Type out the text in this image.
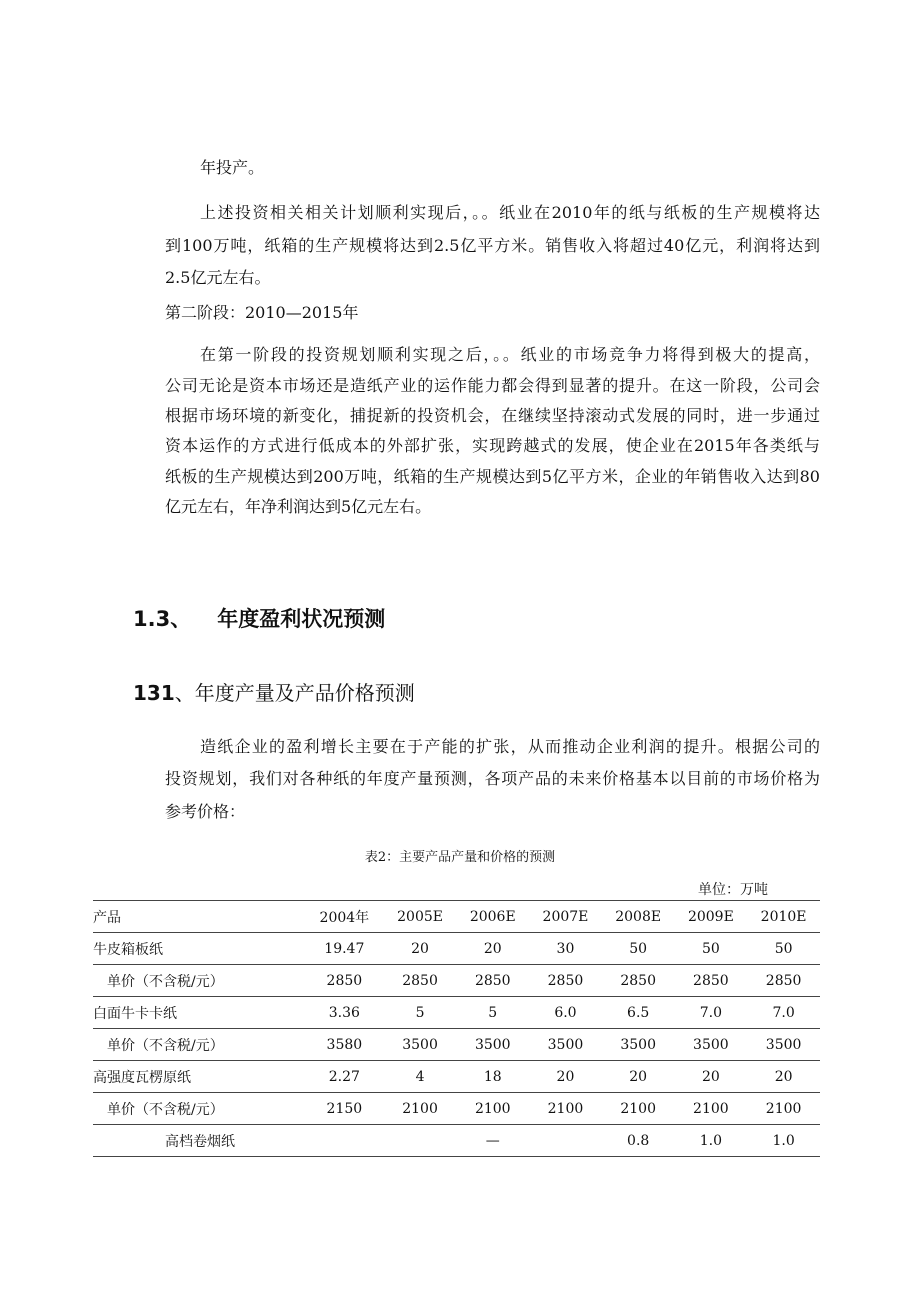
年投产。
上述投资相关相关计划顺利实现后，。。纸业在2010年的纸与纸板的生产规模将达
到100万吨，纸箱的生产规模将达到2.5亿平方米。销售收入将超过40亿元，利润将达到
2.5亿元左右。
第二阶段：2010—2015年
在第一阶段的投资规划顺利实现之后，。。纸业的市场竞争力将得到极大的提高，
公司无论是资本市场还是造纸产业的运作能力都会得到显著的提升。在这一阶段，公司会
根据市场环境的新变化，捕捉新的投资机会，在继续坚持滚动式发展的同时，进一步通过
资本运作的方式进行低成本的外部扩张，实现跨越式的发展，使企业在2015年各类纸与
纸板的生产规模达到200万吨，纸箱的生产规模达到5亿平方米，企业的年销售收入达到80
亿元左右，年净利润达到5亿元左右。
1.3、 年度盈利状况预测
131、年度产量及产品价格预测
造纸企业的盈利增长主要在于产能的扩张，从而推动企业利润的提升。根据公司的
投资规划，我们对各种纸的年度产量预测，各项产品的未来价格基本以目前的市场价格为
参考价格：
表2：主要产品产量和价格的预测
单位：万吨
产品	2004年	2005E	2006E	2007E	2008E	2009E	2010E
牛皮箱板纸	19.47	20	20	30	50	50	50
单价（不含税/元）	2850	2850	2850	2850	2850	2850	2850
白面牛卡卡纸	3.36	5	5	6.0	6.5	7.0	7.0
单价（不含税/元）	3580	3500	3500	3500	3500	3500	3500
高强度瓦楞原纸	2.27	4	18	20	20	20	20
单价（不含税/元）	2150	2100	2100	2100	2100	2100	2100
高档卷烟纸			—		0.8	1.0	1.0
